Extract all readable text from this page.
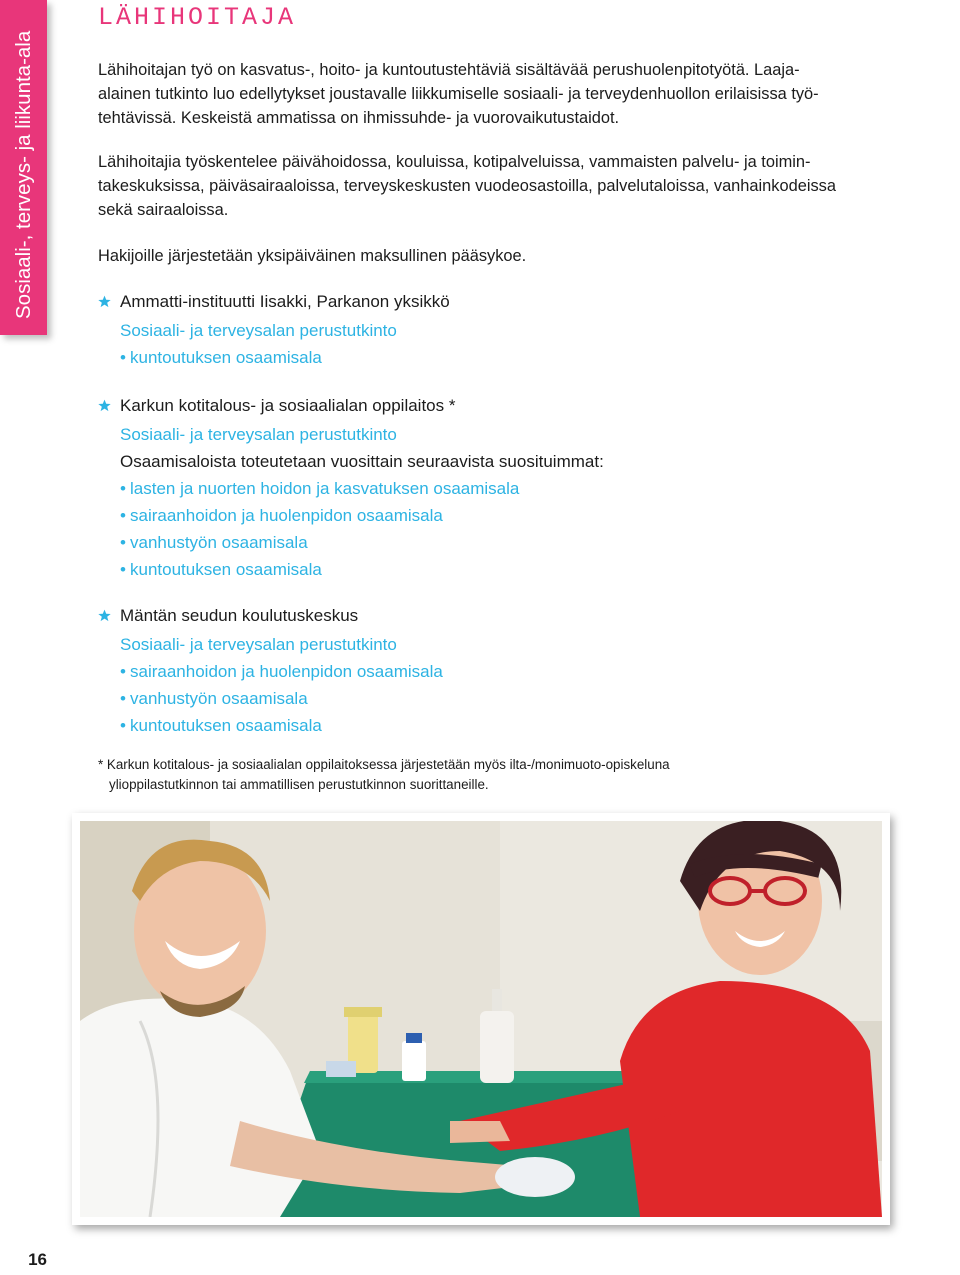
Sosiaali-, terveys- ja liikunta-ala
LÄHIHOITAJA
Lähihoitajan työ on kasvatus-, hoito- ja kuntoutustehtäviä sisältävää perushuolenpitotyötä. Laaja-
alainen tutkinto luo edellytykset joustavalle liikkumiselle sosiaali- ja terveydenhuollon erilaisissa työ-
tehtävissä. Keskeistä ammatissa on ihmissuhde- ja vuorovaikutustaidot.
Lähihoitajia työskentelee päivähoidossa, kouluissa, kotipalveluissa, vammaisten palvelu- ja toimin-
takeskuksissa, päiväsairaaloissa, terveyskeskusten vuodeosastoilla, palvelutaloissa, vanhainkodeissa
sekä sairaaloissa.
Hakijoille järjestetään yksipäiväinen maksullinen pääsykoe.
Ammatti-instituutti Iisakki, Parkanon yksikkö
Sosiaali- ja terveysalan perustutkinto
• kuntoutuksen osaamisala
Karkun kotitalous- ja sosiaalialan oppilaitos *
Sosiaali- ja terveysalan perustutkinto
Osaamisaloista toteutetaan vuosittain seuraavista suosituimmat:
• lasten ja nuorten hoidon ja kasvatuksen osaamisala
• sairaanhoidon ja huolenpidon osaamisala
• vanhustyön osaamisala
• kuntoutuksen osaamisala
Mäntän seudun koulutuskeskus
Sosiaali- ja terveysalan perustutkinto
• sairaanhoidon ja huolenpidon osaamisala
• vanhustyön osaamisala
• kuntoutuksen osaamisala
* Karkun kotitalous- ja sosiaalialan oppilaitoksessa järjestetään myös ilta-/monimuoto-opiskeluna
ylioppilastutkinnon tai ammatillisen perustutkinnon suorittaneille.
16
